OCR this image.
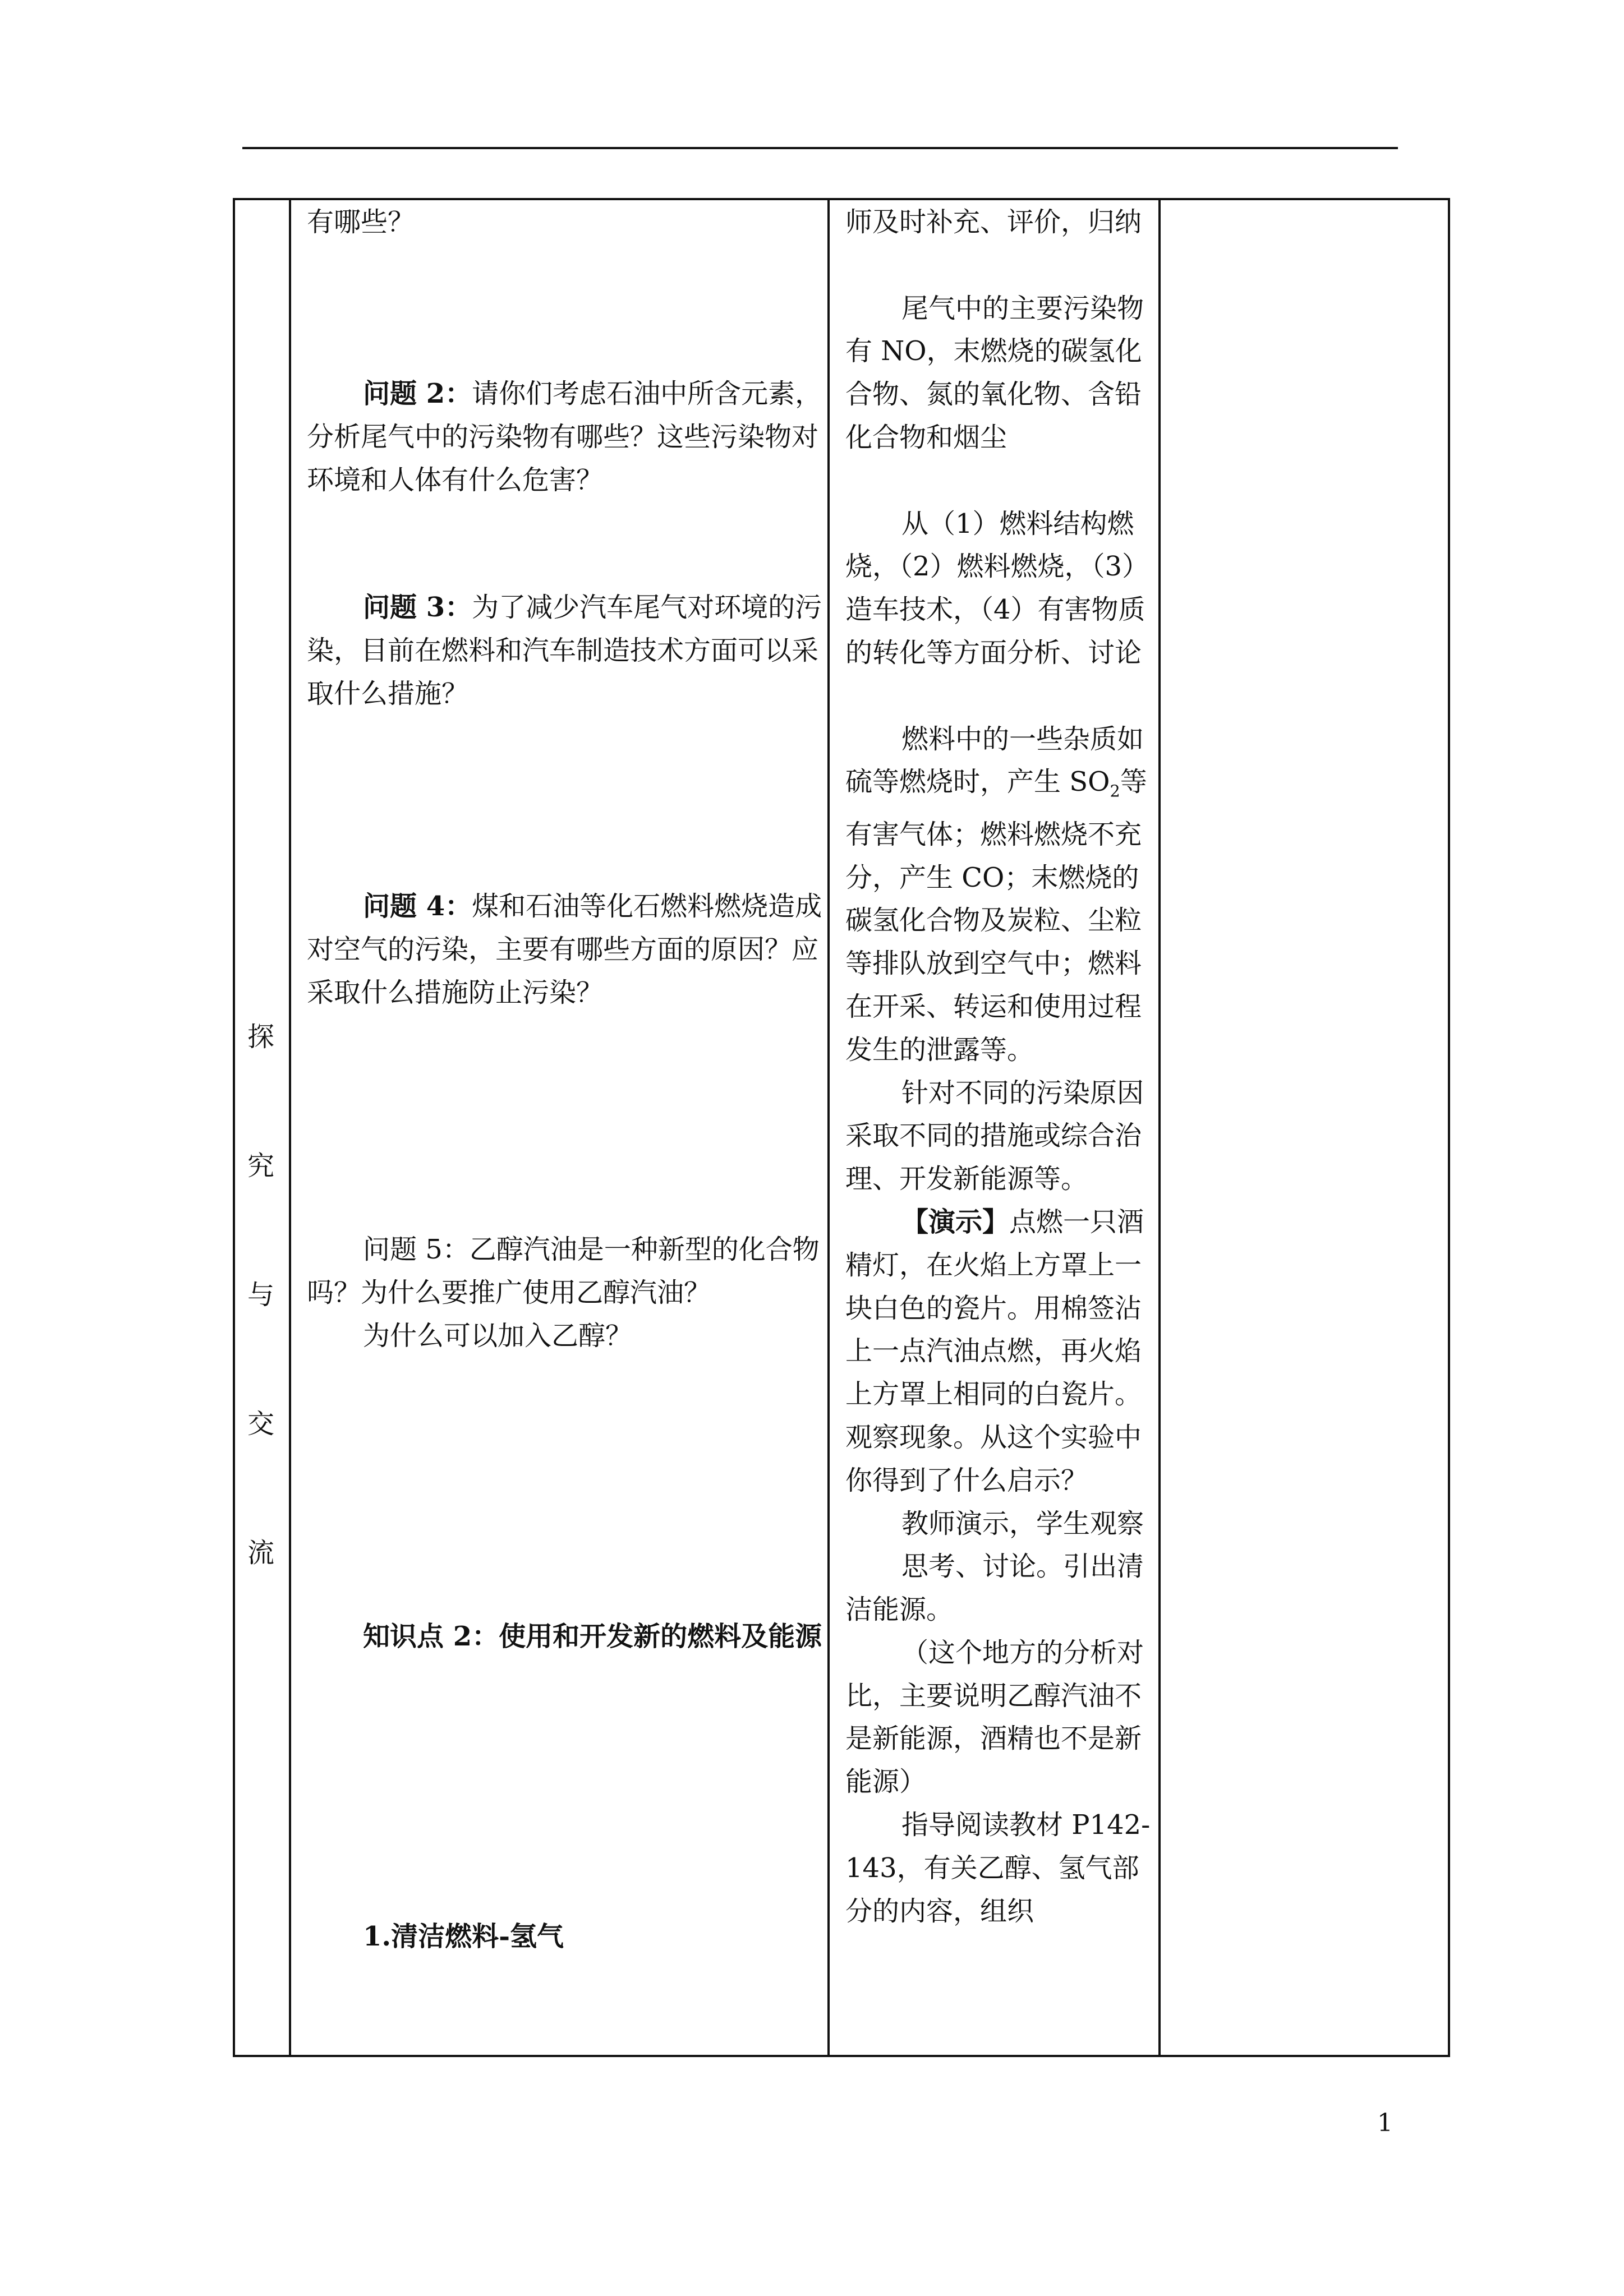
探
究
与
交
流
有哪些？
问题 2：请你们考虑石油中所含元素，分析尾气中的污染物有哪些？这些污染物对环境和人体有什么危害？
问题 3：为了减少汽车尾气对环境的污染，目前在燃料和汽车制造技术方面可以采取什么措施？
问题 4：煤和石油等化石燃料燃烧造成对空气的污染，主要有哪些方面的原因？应采取什么措施防止污染？

问题 5：乙醇汽油是一种新型的化合物吗？为什么要推广使用乙醇汽油？

为什么可以加入乙醇？

知识点 2：使用和开发新的燃料及能源
1.清洁燃料-氢气

师及时补充、评价，归纳

尾气中的主要污染物有 NO，末燃烧的碳氢化合物、氮的氧化物、含铅化合物和烟尘

从（1）燃料结构燃烧，（2）燃料燃烧，（3）造车技术，（4）有害物质的转化等方面分析、讨论

燃料中的一些杂质如硫等燃烧时，产生 $SO_2$等有害气体；燃料燃烧不充分，产生 CO；末燃烧的碳氢化合物及炭粒、尘粒等排队放到空气中；燃料在开采、转运和使用过程发生的泄露等。

针对不同的污染原因采取不同的措施或综合治理、开发新能源等。

【演示】点燃一只酒精灯，在火焰上方罩上一块白色的瓷片。用棉签沾上一点汽油点燃，再火焰上方罩上相同的白瓷片。观察现象。从这个实验中你得到了什么启示？

教师演示，学生观察

思考、讨论。引出清洁能源。

（这个地方的分析对比，主要说明乙醇汽油不是新能源，酒精也不是新能源）

指导阅读教材 P142-143，有关乙醇、氢气部分的内容，组织

1
